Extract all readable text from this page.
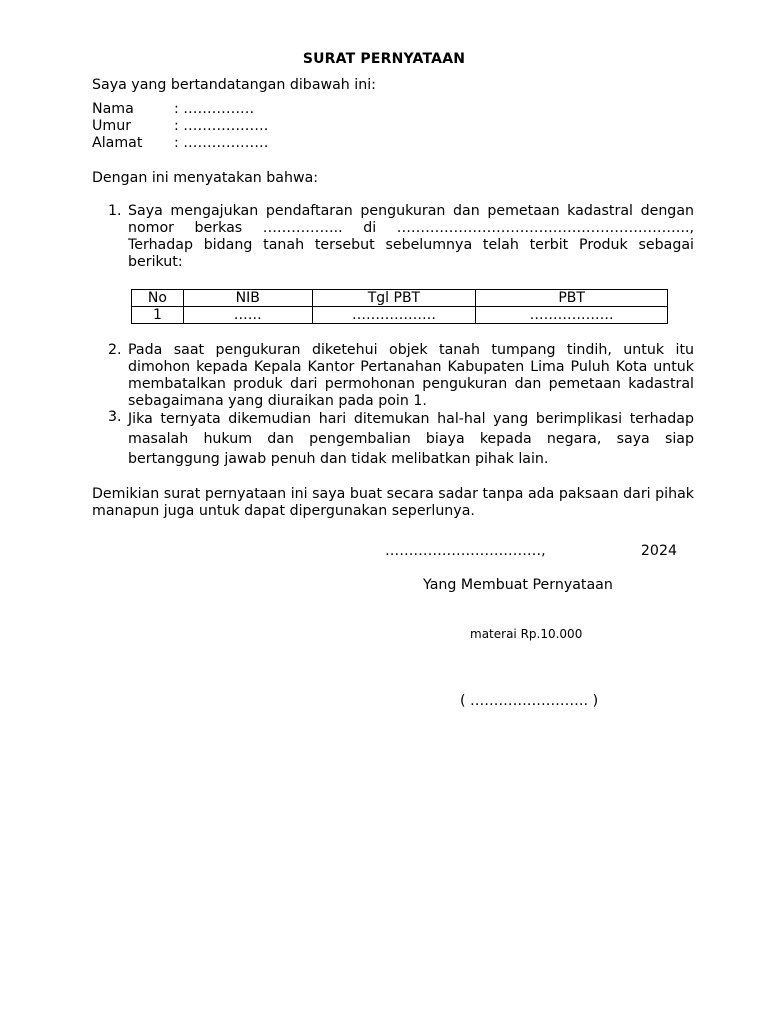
SURAT PERNYATAAN
Saya yang bertandatangan dibawah ini:
Nama	: ……………
Umur	: ………………
Alamat	: ………………
Dengan ini menyatakan bahwa:
1. Saya mengajukan pendaftaran pengukuran dan pemetaan kadastral dengan nomor berkas …………….. di …………………………………………………….., Terhadap bidang tanah tersebut sebelumnya telah terbit Produk sebagai berikut:
No	NIB	Tgl PBT	PBT
1	……	………………	………………
2. Pada saat pengukuran diketehui objek tanah tumpang tindih, untuk itu dimohon kepada Kepala Kantor Pertanahan Kabupaten Lima Puluh Kota untuk membatalkan produk dari permohonan pengukuran dan pemetaan kadastral sebagaimana yang diuraikan pada poin 1.
3. Jika ternyata dikemudian hari ditemukan hal-hal yang berimplikasi terhadap masalah hukum dan pengembalian biaya kepada negara, saya siap bertanggung jawab penuh dan tidak melibatkan pihak lain.
Demikian surat pernyataan ini saya buat secara sadar tanpa ada paksaan dari pihak manapun juga untuk dapat dipergunakan seperlunya.
……………………………,	2024
Yang Membuat Pernyataan
materai Rp.10.000
( ……………………. )
